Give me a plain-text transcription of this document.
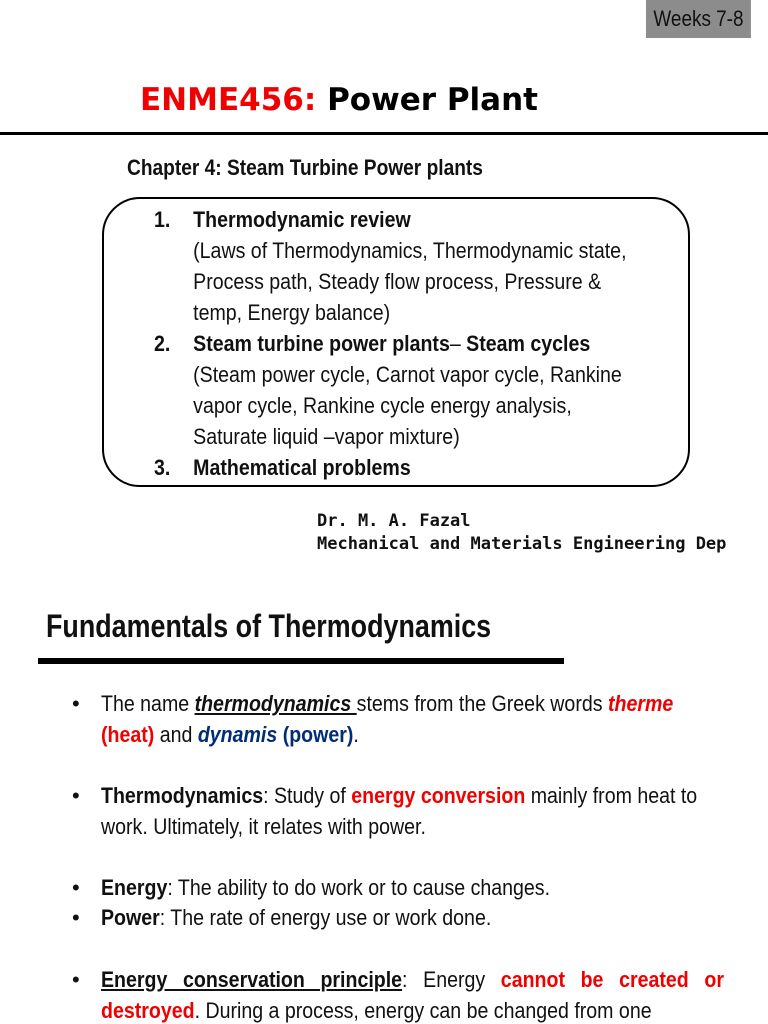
Weeks 7-8
ENME456: Power Plant
Chapter 4: Steam Turbine Power plants
1. Thermodynamic review
(Laws of Thermodynamics, Thermodynamic state,
Process path, Steady flow process, Pressure &
temp, Energy balance)
2. Steam turbine power plants– Steam cycles
(Steam power cycle, Carnot vapor cycle, Rankine
vapor cycle, Rankine cycle energy analysis,
Saturate liquid –vapor mixture)
3. Mathematical problems
Dr. M. A. Fazal
Mechanical and Materials Engineering Dep
Fundamentals of Thermodynamics
• The name thermodynamics stems from the Greek words therme (heat) and dynamis (power).
• Thermodynamics: Study of energy conversion mainly from heat to work. Ultimately, it relates with power.
• Energy: The ability to do work or to cause changes.
• Power: The rate of energy use or work done.
• Energy conservation principle: Energy cannot be created or destroyed. During a process, energy can be changed from one
